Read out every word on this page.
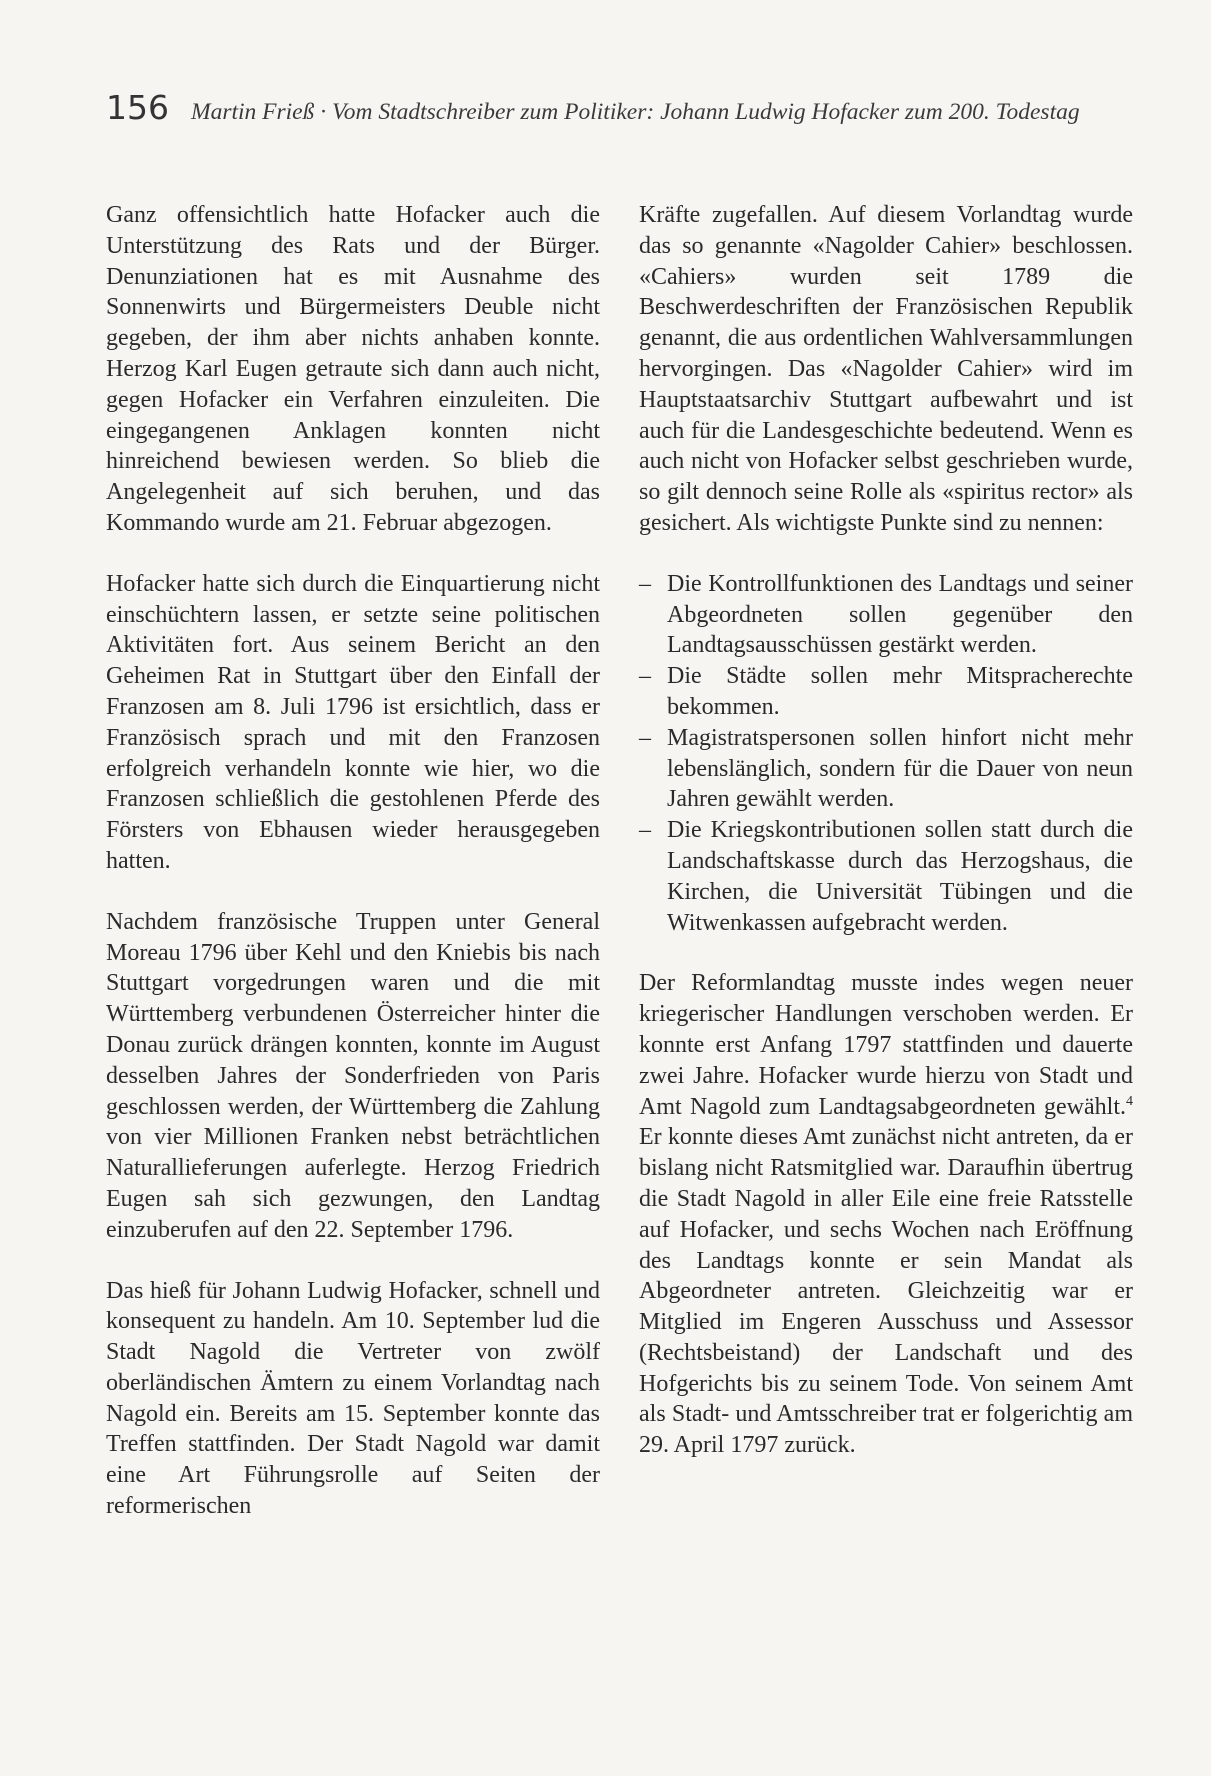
156 Martin Frieß · Vom Stadtschreiber zum Politiker: Johann Ludwig Hofacker zum 200. Todestag

Ganz offensichtlich hatte Hofacker auch die Unterstützung des Rats und der Bürger. Denunziationen hat es mit Ausnahme des Sonnenwirts und Bürgermeisters Deuble nicht gegeben, der ihm aber nichts anhaben konnte. Herzog Karl Eugen getraute sich dann auch nicht, gegen Hofacker ein Verfahren einzuleiten. Die eingegangenen Anklagen konnten nicht hinreichend bewiesen werden. So blieb die Angelegenheit auf sich beruhen, und das Kommando wurde am 21. Februar abgezogen.

Hofacker hatte sich durch die Einquartierung nicht einschüchtern lassen, er setzte seine politischen Aktivitäten fort. Aus seinem Bericht an den Geheimen Rat in Stuttgart über den Einfall der Franzosen am 8. Juli 1796 ist ersichtlich, dass er Französisch sprach und mit den Franzosen erfolgreich verhandeln konnte wie hier, wo die Franzosen schließlich die gestohlenen Pferde des Försters von Ebhausen wieder herausgegeben hatten.

Nachdem französische Truppen unter General Moreau 1796 über Kehl und den Kniebis bis nach Stuttgart vorgedrungen waren und die mit Württemberg verbundenen Österreicher hinter die Donau zurück drängen konnten, konnte im August desselben Jahres der Sonderfrieden von Paris geschlossen werden, der Württemberg die Zahlung von vier Millionen Franken nebst beträchtlichen Naturallieferungen auferlegte. Herzog Friedrich Eugen sah sich gezwungen, den Landtag einzuberufen auf den 22. September 1796.

Das hieß für Johann Ludwig Hofacker, schnell und konsequent zu handeln. Am 10. September lud die Stadt Nagold die Vertreter von zwölf oberländischen Ämtern zu einem Vorlandtag nach Nagold ein. Bereits am 15. September konnte das Treffen stattfinden. Der Stadt Nagold war damit eine Art Führungsrolle auf Seiten der reformerischen

Kräfte zugefallen. Auf diesem Vorlandtag wurde das so genannte «Nagolder Cahier» beschlossen. «Cahiers» wurden seit 1789 die Beschwerdeschriften der Französischen Republik genannt, die aus ordentlichen Wahlversammlungen hervorgingen. Das «Nagolder Cahier» wird im Hauptstaatsarchiv Stuttgart aufbewahrt und ist auch für die Landesgeschichte bedeutend. Wenn es auch nicht von Hofacker selbst geschrieben wurde, so gilt dennoch seine Rolle als «spiritus rector» als gesichert. Als wichtigste Punkte sind zu nennen:

– Die Kontrollfunktionen des Landtags und seiner Abgeordneten sollen gegenüber den Landtagsausschüssen gestärkt werden.
– Die Städte sollen mehr Mitspracherechte bekommen.
– Magistratspersonen sollen hinfort nicht mehr lebenslänglich, sondern für die Dauer von neun Jahren gewählt werden.
– Die Kriegskontributionen sollen statt durch die Landschaftskasse durch das Herzogshaus, die Kirchen, die Universität Tübingen und die Witwenkassen aufgebracht werden.

Der Reformlandtag musste indes wegen neuer kriegerischer Handlungen verschoben werden. Er konnte erst Anfang 1797 stattfinden und dauerte zwei Jahre. Hofacker wurde hierzu von Stadt und Amt Nagold zum Landtagsabgeordneten gewählt.$^4$ Er konnte dieses Amt zunächst nicht antreten, da er bislang nicht Ratsmitglied war. Daraufhin übertrug die Stadt Nagold in aller Eile eine freie Ratsstelle auf Hofacker, und sechs Wochen nach Eröffnung des Landtags konnte er sein Mandat als Abgeordneter antreten. Gleichzeitig war er Mitglied im Engeren Ausschuss und Assessor (Rechtsbeistand) der Landschaft und des Hofgerichts bis zu seinem Tode. Von seinem Amt als Stadt- und Amtsschreiber trat er folgerichtig am 29. April 1797 zurück.
